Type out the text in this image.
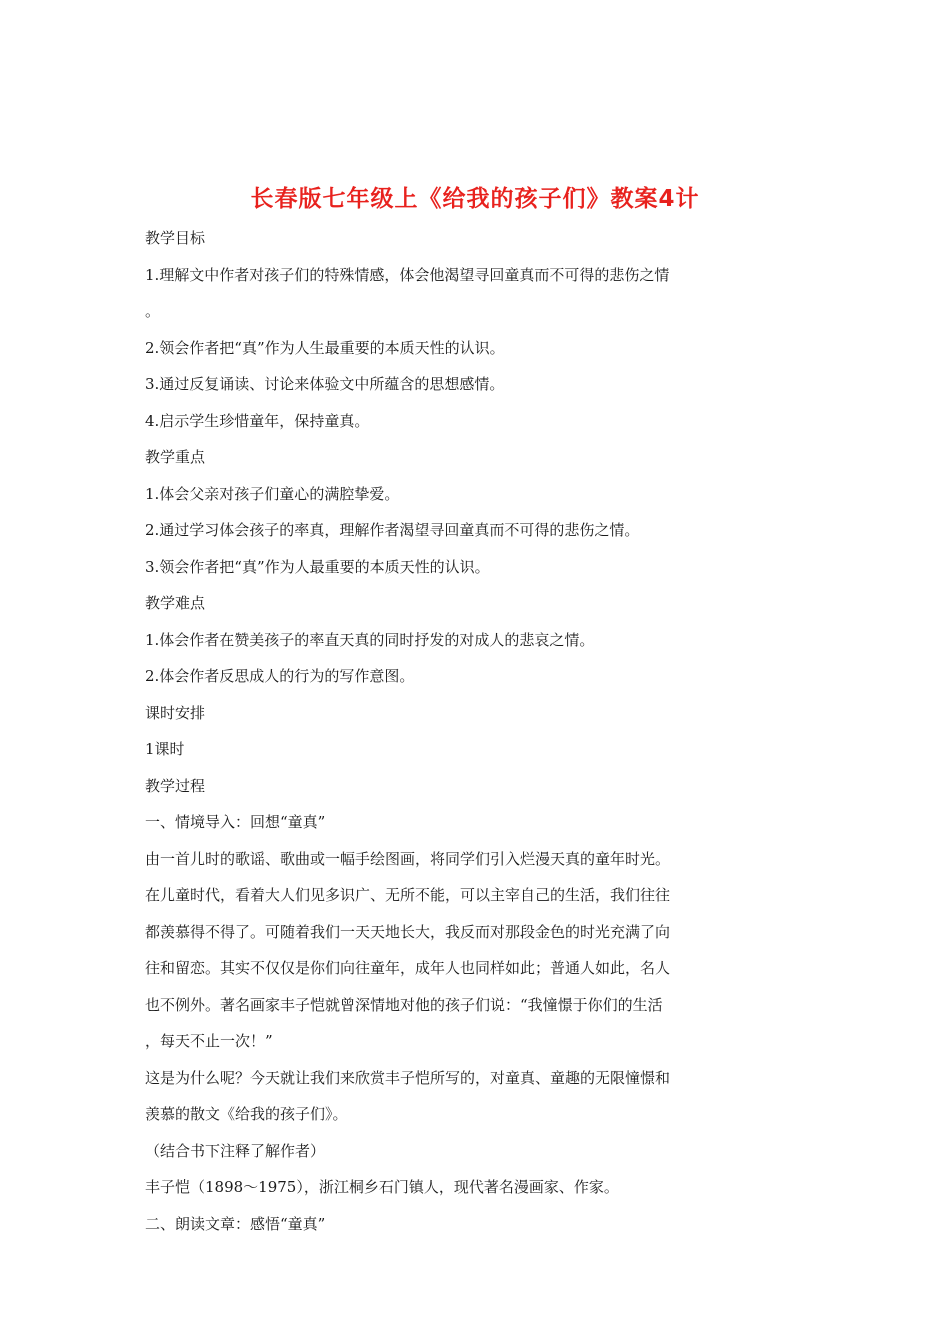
长春版七年级上《给我的孩子们》教案4计
教学目标
1.理解文中作者对孩子们的特殊情感，体会他渴望寻回童真而不可得的悲伤之情
。
2.领会作者把“真”作为人生最重要的本质天性的认识。
3.通过反复诵读、讨论来体验文中所蕴含的思想感情。
4.启示学生珍惜童年，保持童真。
教学重点
1.体会父亲对孩子们童心的满腔挚爱。
2.通过学习体会孩子的率真，理解作者渴望寻回童真而不可得的悲伤之情。
3.领会作者把“真”作为人最重要的本质天性的认识。
教学难点
1.体会作者在赞美孩子的率直天真的同时抒发的对成人的悲哀之情。
2.体会作者反思成人的行为的写作意图。
课时安排
1课时
教学过程
一、情境导入：回想“童真”
由一首儿时的歌谣、歌曲或一幅手绘图画，将同学们引入烂漫天真的童年时光。
在儿童时代，看着大人们见多识广、无所不能，可以主宰自己的生活，我们往往
都羡慕得不得了。可随着我们一天天地长大，我反而对那段金色的时光充满了向
往和留恋。其实不仅仅是你们向往童年，成年人也同样如此；普通人如此，名人
也不例外。著名画家丰子恺就曾深情地对他的孩子们说：“我憧憬于你们的生活
，每天不止一次！”
这是为什么呢？今天就让我们来欣赏丰子恺所写的，对童真、童趣的无限憧憬和
羡慕的散文《给我的孩子们》。
（结合书下注释了解作者）
丰子恺（1898～1975），浙江桐乡石门镇人，现代著名漫画家、作家。
二、朗读文章：感悟“童真”
